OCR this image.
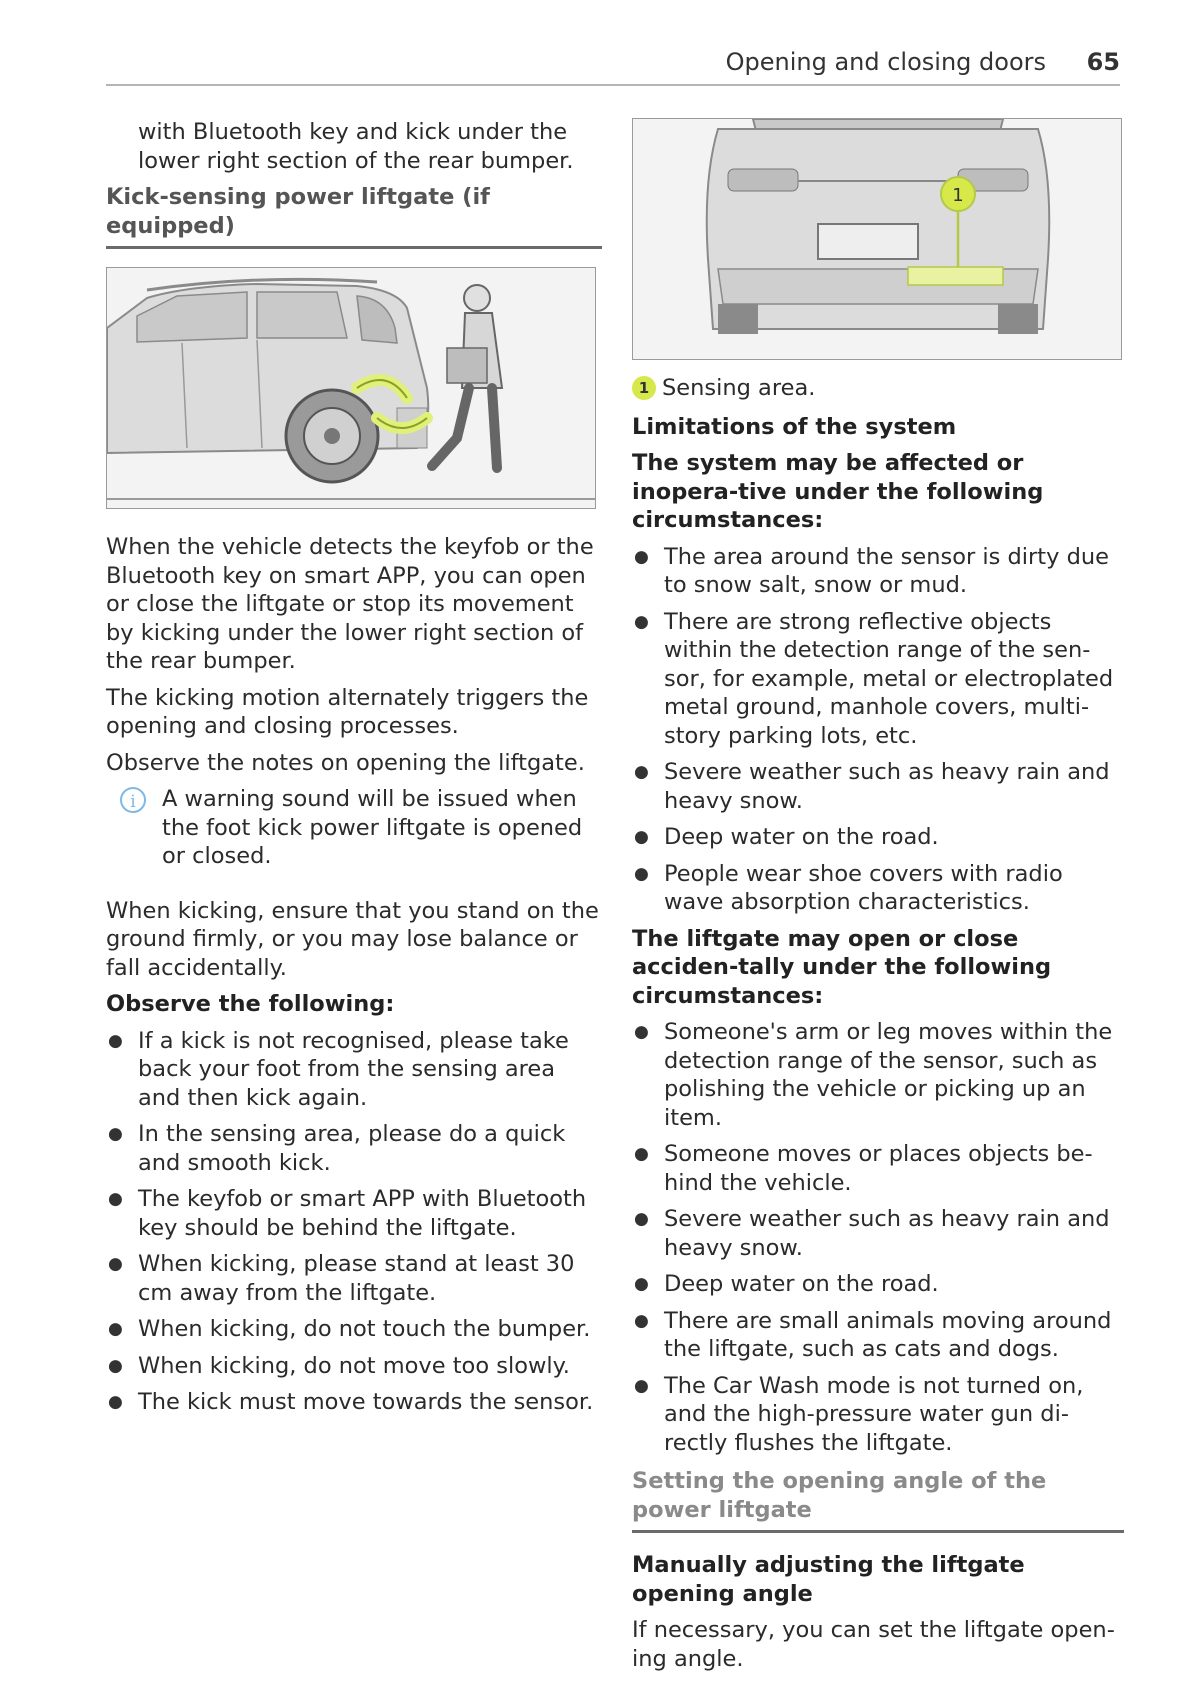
Opening and closing doors 65

with Bluetooth key and kick under the lower right section of the rear bumper.

Kick-sensing power liftgate (if equipped)

When the vehicle detects the keyfob or the Bluetooth key on smart APP, you can open or close the liftgate or stop its movement by kicking under the lower right section of the rear bumper.

The kicking motion alternately triggers the opening and closing processes.

Observe the notes on opening the liftgate.

i	A warning sound will be issued when the foot kick power liftgate is opened or closed.

When kicking, ensure that you stand on the ground firmly, or you may lose balance or fall accidentally.

Observe the following:

● If a kick is not recognised, please take back your foot from the sensing area and then kick again.
● In the sensing area, please do a quick and smooth kick.
● The keyfob or smart APP with Bluetooth key should be behind the liftgate.
● When kicking, please stand at least 30 cm away from the liftgate.
● When kicking, do not touch the bumper.
● When kicking, do not move too slowly.
● The kick must move towards the sensor.
1
1 Sensing area.

Limitations of the system

The system may be affected or inopera-tive under the following circumstances:

● The area around the sensor is dirty due to snow salt, snow or mud.
● There are strong reflective objects within the detection range of the sen-sor, for example, metal or electroplated metal ground, manhole covers, multi-story parking lots, etc.
● Severe weather such as heavy rain and heavy snow.
● Deep water on the road.
● People wear shoe covers with radio wave absorption characteristics.

The liftgate may open or close acciden-tally under the following circumstances:

● Someone's arm or leg moves within the detection range of the sensor, such as polishing the vehicle or picking up an item.
● Someone moves or places objects be-hind the vehicle.
● Severe weather such as heavy rain and heavy snow.
● Deep water on the road.
● There are small animals moving around the liftgate, such as cats and dogs.
● The Car Wash mode is not turned on, and the high-pressure water gun di-rectly flushes the liftgate.
Setting the opening angle of the power liftgate

Manually adjusting the liftgate opening angle

If necessary, you can set the liftgate open-ing angle.
